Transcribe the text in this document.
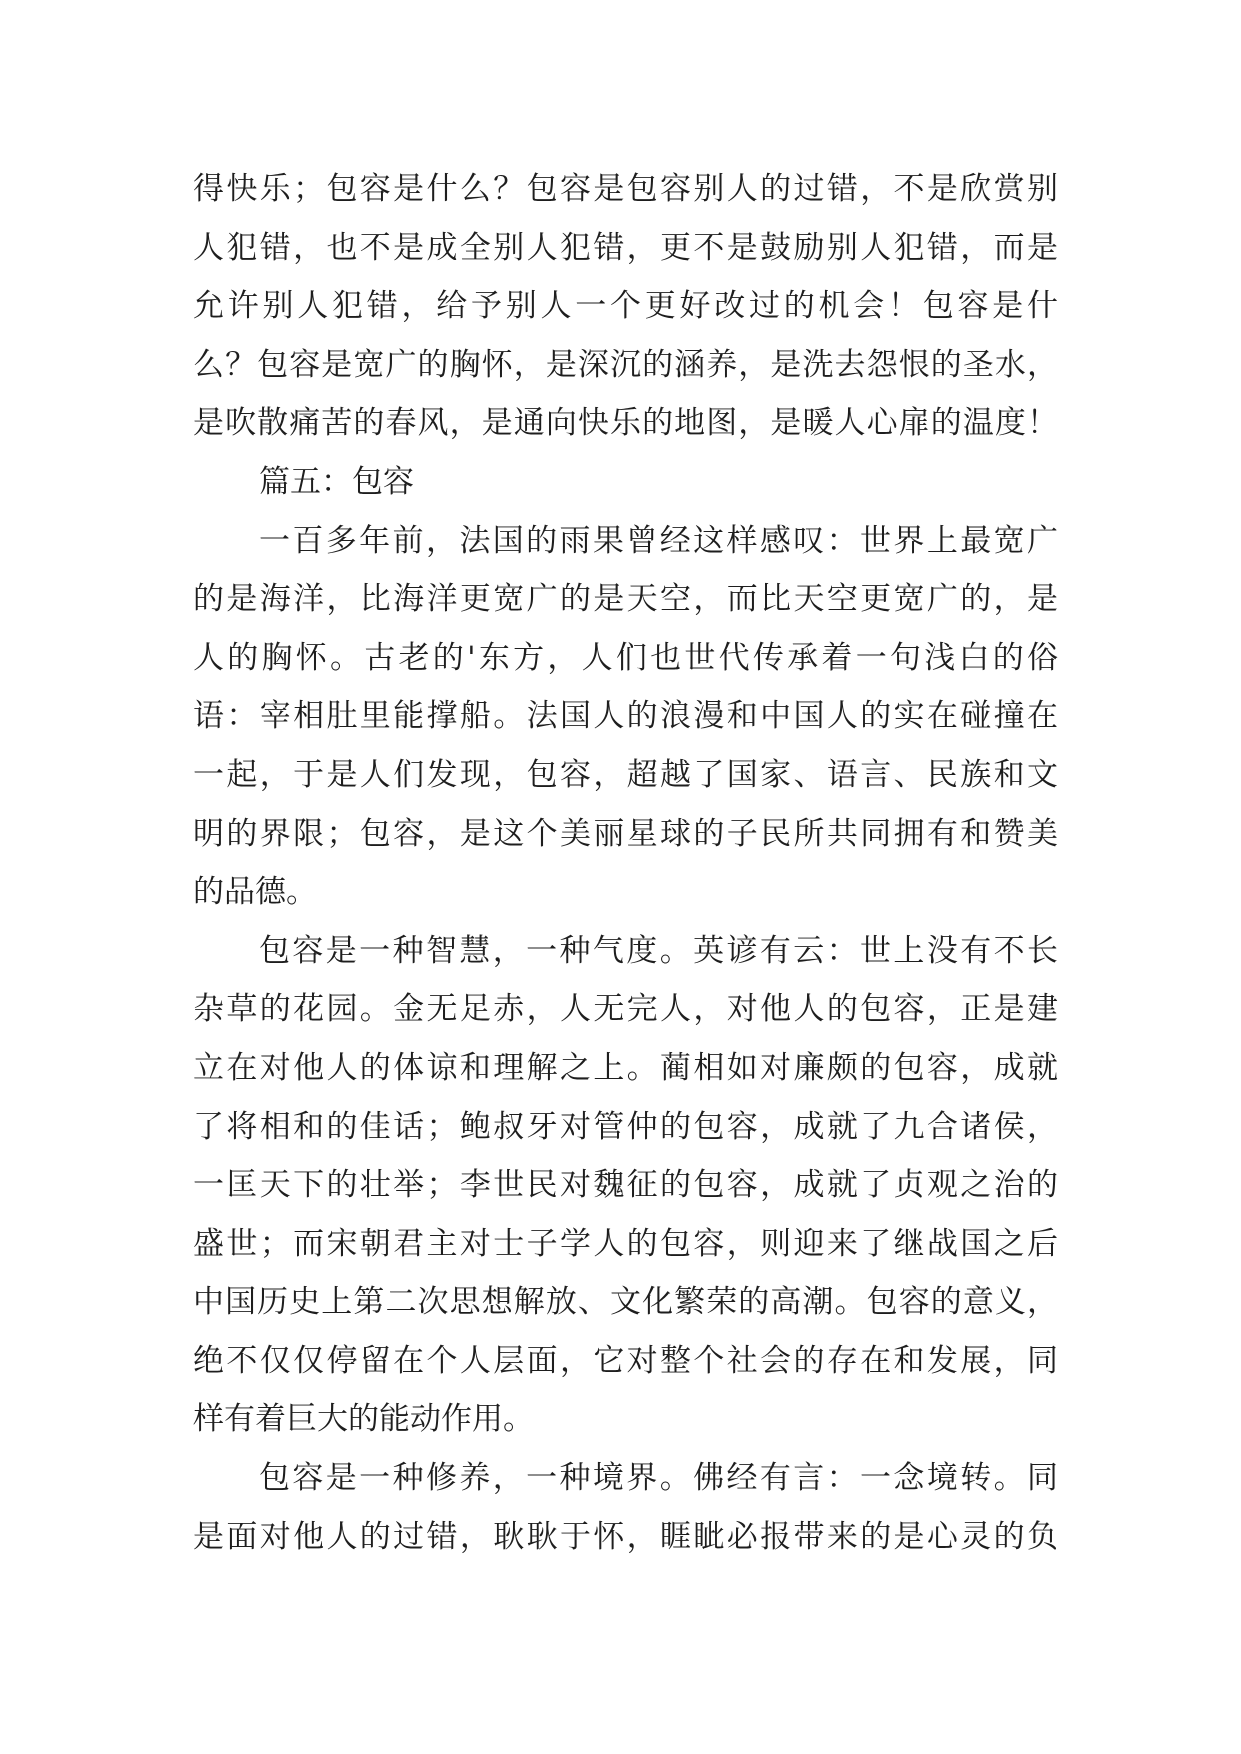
得快乐；包容是什么？包容是包容别人的过错，不是欣赏别
人犯错，也不是成全别人犯错，更不是鼓励别人犯错，而是
允许别人犯错，给予别人一个更好改过的机会！包容是什
么？包容是宽广的胸怀，是深沉的涵养，是洗去怨恨的圣水，
是吹散痛苦的春风，是通向快乐的地图，是暖人心扉的温度！
篇五：包容
一百多年前，法国的雨果曾经这样感叹：世界上最宽广
的是海洋，比海洋更宽广的是天空，而比天空更宽广的，是
人的胸怀。古老的'东方，人们也世代传承着一句浅白的俗
语：宰相肚里能撑船。法国人的浪漫和中国人的实在碰撞在
一起，于是人们发现，包容，超越了国家、语言、民族和文
明的界限；包容，是这个美丽星球的子民所共同拥有和赞美
的品德。
包容是一种智慧，一种气度。英谚有云：世上没有不长
杂草的花园。金无足赤，人无完人，对他人的包容，正是建
立在对他人的体谅和理解之上。蔺相如对廉颇的包容，成就
了将相和的佳话；鲍叔牙对管仲的包容，成就了九合诸侯，
一匡天下的壮举；李世民对魏征的包容，成就了贞观之治的
盛世；而宋朝君主对士子学人的包容，则迎来了继战国之后
中国历史上第二次思想解放、文化繁荣的高潮。包容的意义，
绝不仅仅停留在个人层面，它对整个社会的存在和发展，同
样有着巨大的能动作用。
包容是一种修养，一种境界。佛经有言：一念境转。同
是面对他人的过错，耿耿于怀，睚眦必报带来的是心灵的负
